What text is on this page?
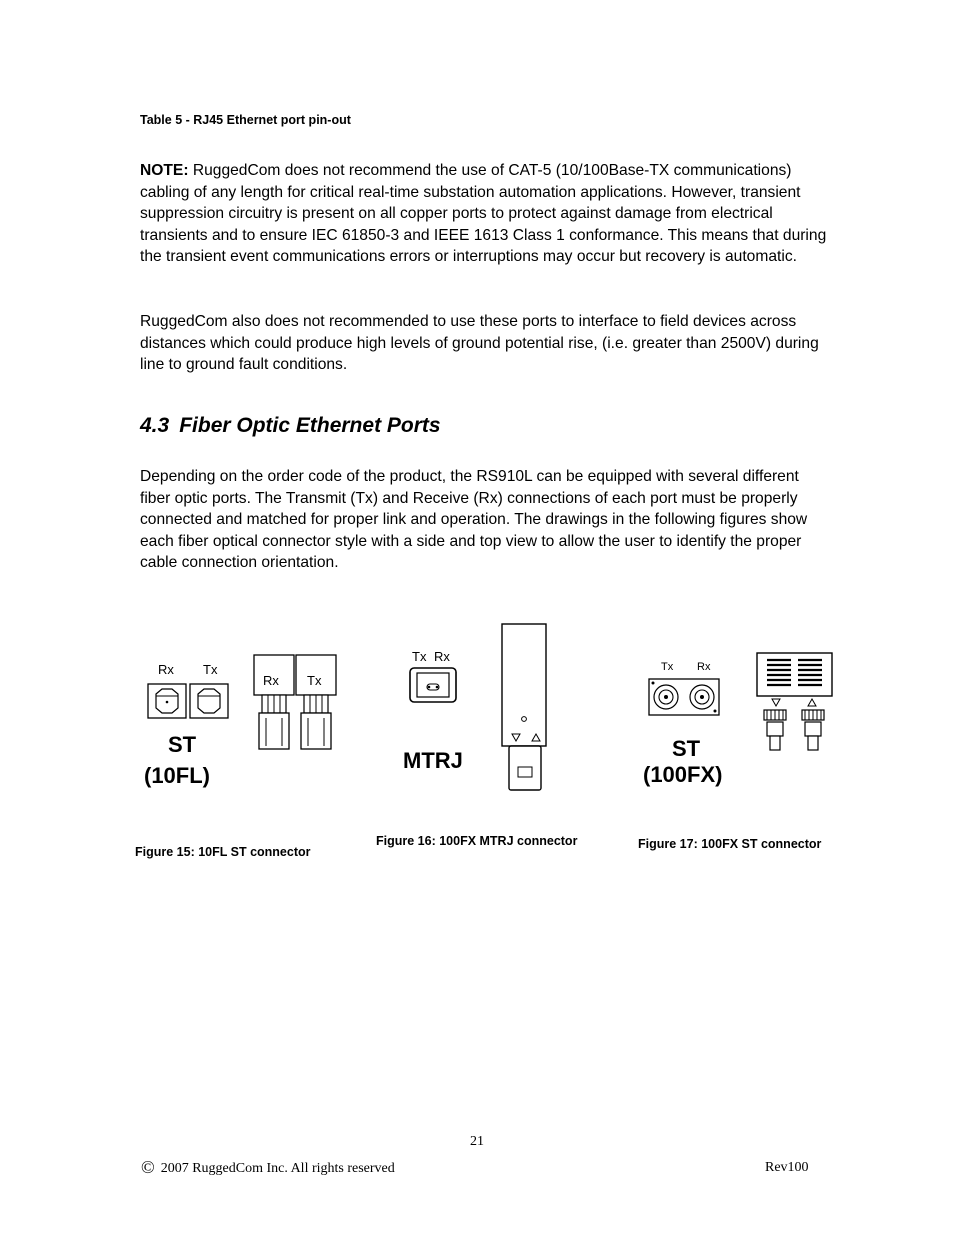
Table 5 - RJ45 Ethernet port pin-out
NOTE: RuggedCom does not recommend the use of CAT-5 (10/100Base-TX communications) cabling of any length for critical real-time substation automation applications. However, transient suppression circuitry is present on all copper ports to protect against damage from electrical transients and to ensure IEC 61850-3 and IEEE 1613 Class 1 conformance. This means that during the transient event communications errors or interruptions may occur but recovery is automatic.
RuggedCom also does not recommended to use these ports to interface to field devices across distances which could produce high levels of ground potential rise, (i.e. greater than 2500V) during line to ground fault conditions.
4.3 Fiber Optic Ethernet Ports
Depending on the order code of the product, the RS910L can be equipped with several different fiber optic ports. The Transmit (Tx) and Receive (Rx) connections of each port must be properly connected and matched for proper link and operation. The drawings in the following figures show each fiber optical connector style with a side and top view to allow the user to identify the proper cable connection orientation.
Rx Tx
Rx Tx
ST
(10FL)
Tx Rx
MTRJ
Tx Rx
ST
(100FX)
Figure 15: 10FL ST connector
Figure 16: 100FX MTRJ connector	Figure 17: 100FX ST connector
21
© 2007 RuggedCom Inc. All rights reserved	Rev100
